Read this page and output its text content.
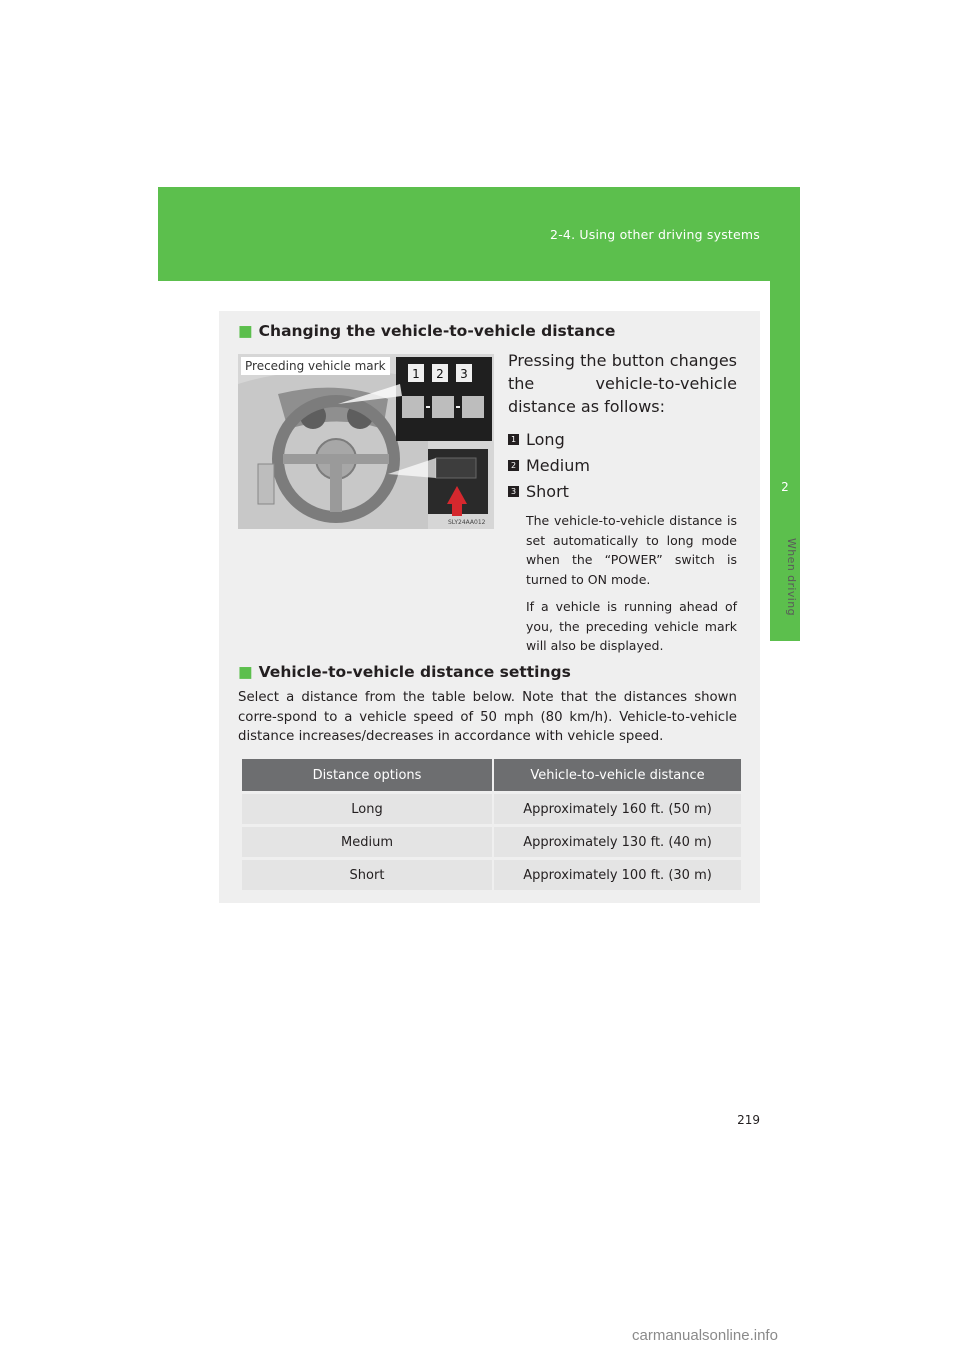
2-4. Using other driving systems
2
When driving
■ Changing the vehicle-to-vehicle distance
1 2 3
Preceding vehicle mark
SLY24AA012
Pressing the button changes the vehicle-to-vehicle distance as follows:
1 Long
2 Medium
3 Short
The vehicle-to-vehicle distance is set automatically to long mode when the “POWER” switch is turned to ON mode.
If a vehicle is running ahead of you, the preceding vehicle mark will also be displayed.
■ Vehicle-to-vehicle distance settings
Select a distance from the table below. Note that the distances shown corre-spond to a vehicle speed of 50 mph (80 km/h). Vehicle-to-vehicle distance increases/decreases in accordance with vehicle speed.
Distance options	Vehicle-to-vehicle distance
Long	Approximately 160 ft. (50 m)
Medium	Approximately 130 ft. (40 m)
Short	Approximately 100 ft. (30 m)
219
carmanualsonline.info
